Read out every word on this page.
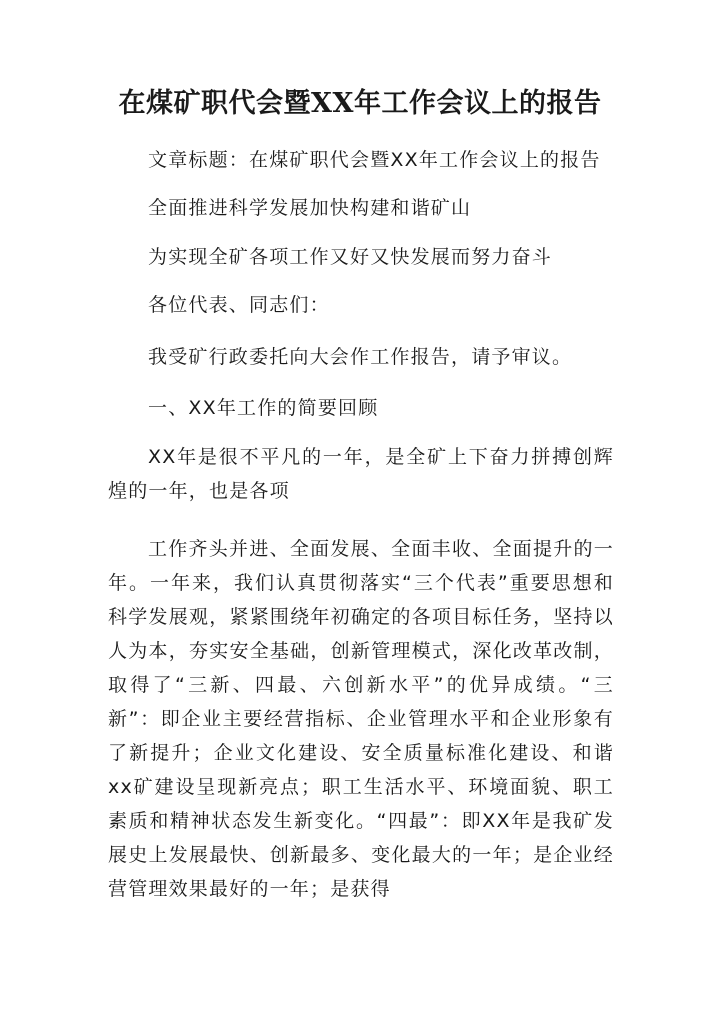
在煤矿职代会暨XX年工作会议上的报告

文章标题：在煤矿职代会暨XX年工作会议上的报告

全面推进科学发展加快构建和谐矿山

为实现全矿各项工作又好又快发展而努力奋斗

各位代表、同志们：

我受矿行政委托向大会作工作报告，请予审议。

一、XX年工作的简要回顾

XX年是很不平凡的一年，是全矿上下奋力拼搏创辉煌的一年，也是各项

工作齐头并进、全面发展、全面丰收、全面提升的一年。一年来，我们认真贯彻落实“三个代表”重要思想和科学发展观，紧紧围绕年初确定的各项目标任务，坚持以人为本，夯实安全基础，创新管理模式，深化改革改制，取得了“三新、四最、六创新水平”的优异成绩。“三新”：即企业主要经营指标、企业管理水平和企业形象有了新提升；企业文化建设、安全质量标准化建设、和谐xx矿建设呈现新亮点；职工生活水平、环境面貌、职工素质和精神状态发生新变化。“四最”：即XX年是我矿发展史上发展最快、创新最多、变化最大的一年；是企业经营管理效果最好的一年；是获得
